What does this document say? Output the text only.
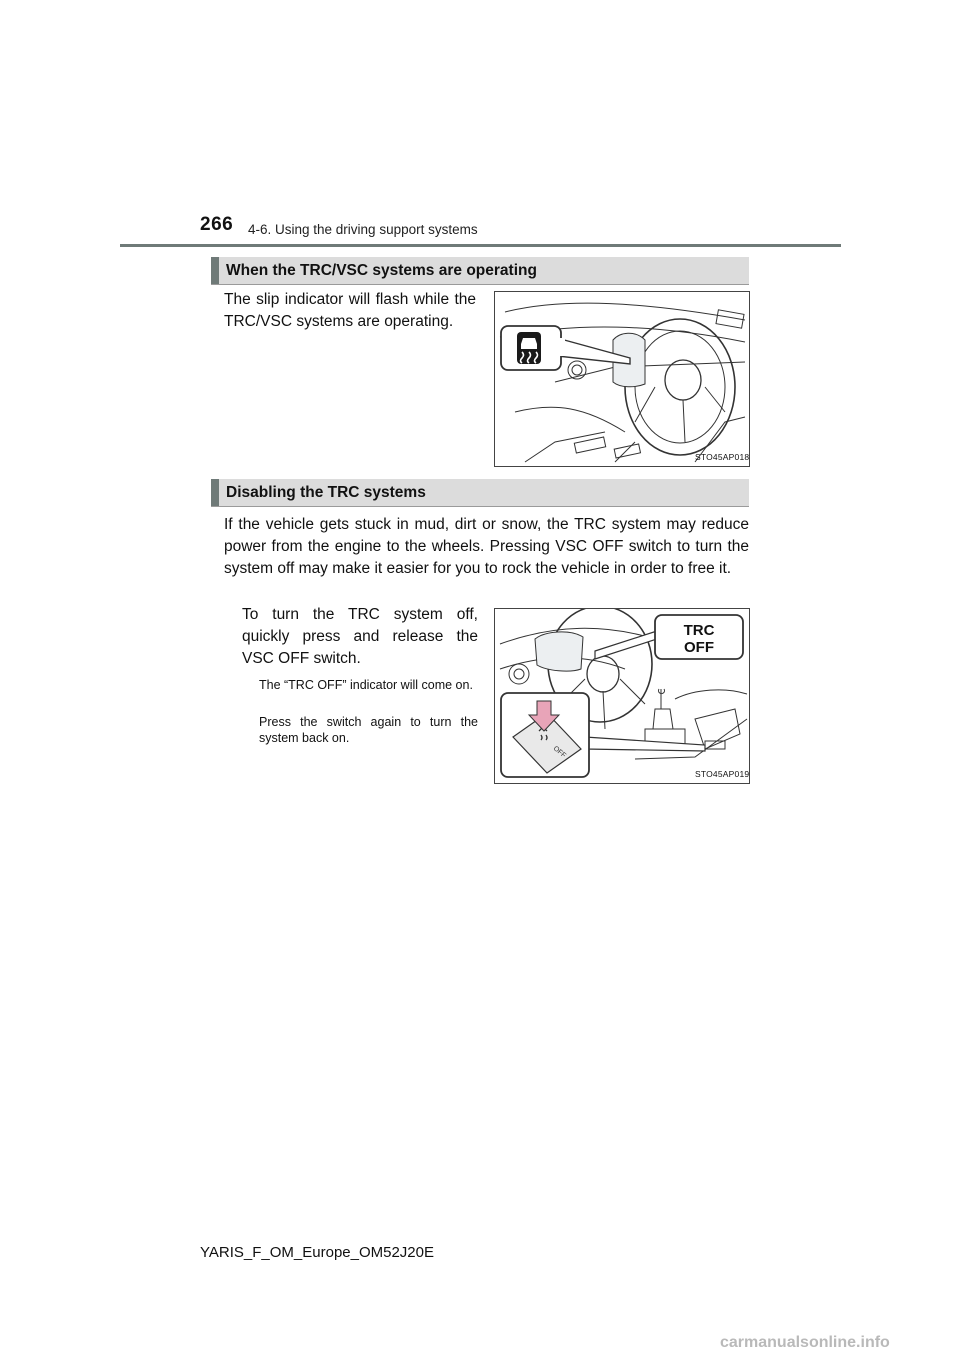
266 4-6. Using the driving support systems
When the TRC/VSC systems are operating
The slip indicator will flash while the TRC/VSC systems are operating.
STO45AP018
Disabling the TRC systems
If the vehicle gets stuck in mud, dirt or snow, the TRC system may reduce power from the engine to the wheels. Pressing VSC OFF switch to turn the system off may make it easier for you to rock the vehicle in order to free it.
To turn the TRC system off, quickly press and release the VSC OFF switch.
The “TRC OFF” indicator will come on.
Press the switch again to turn the system back on.
TRC
OFF
OFF
STO45AP019
YARIS_F_OM_Europe_OM52J20E
carmanualsonline.info
